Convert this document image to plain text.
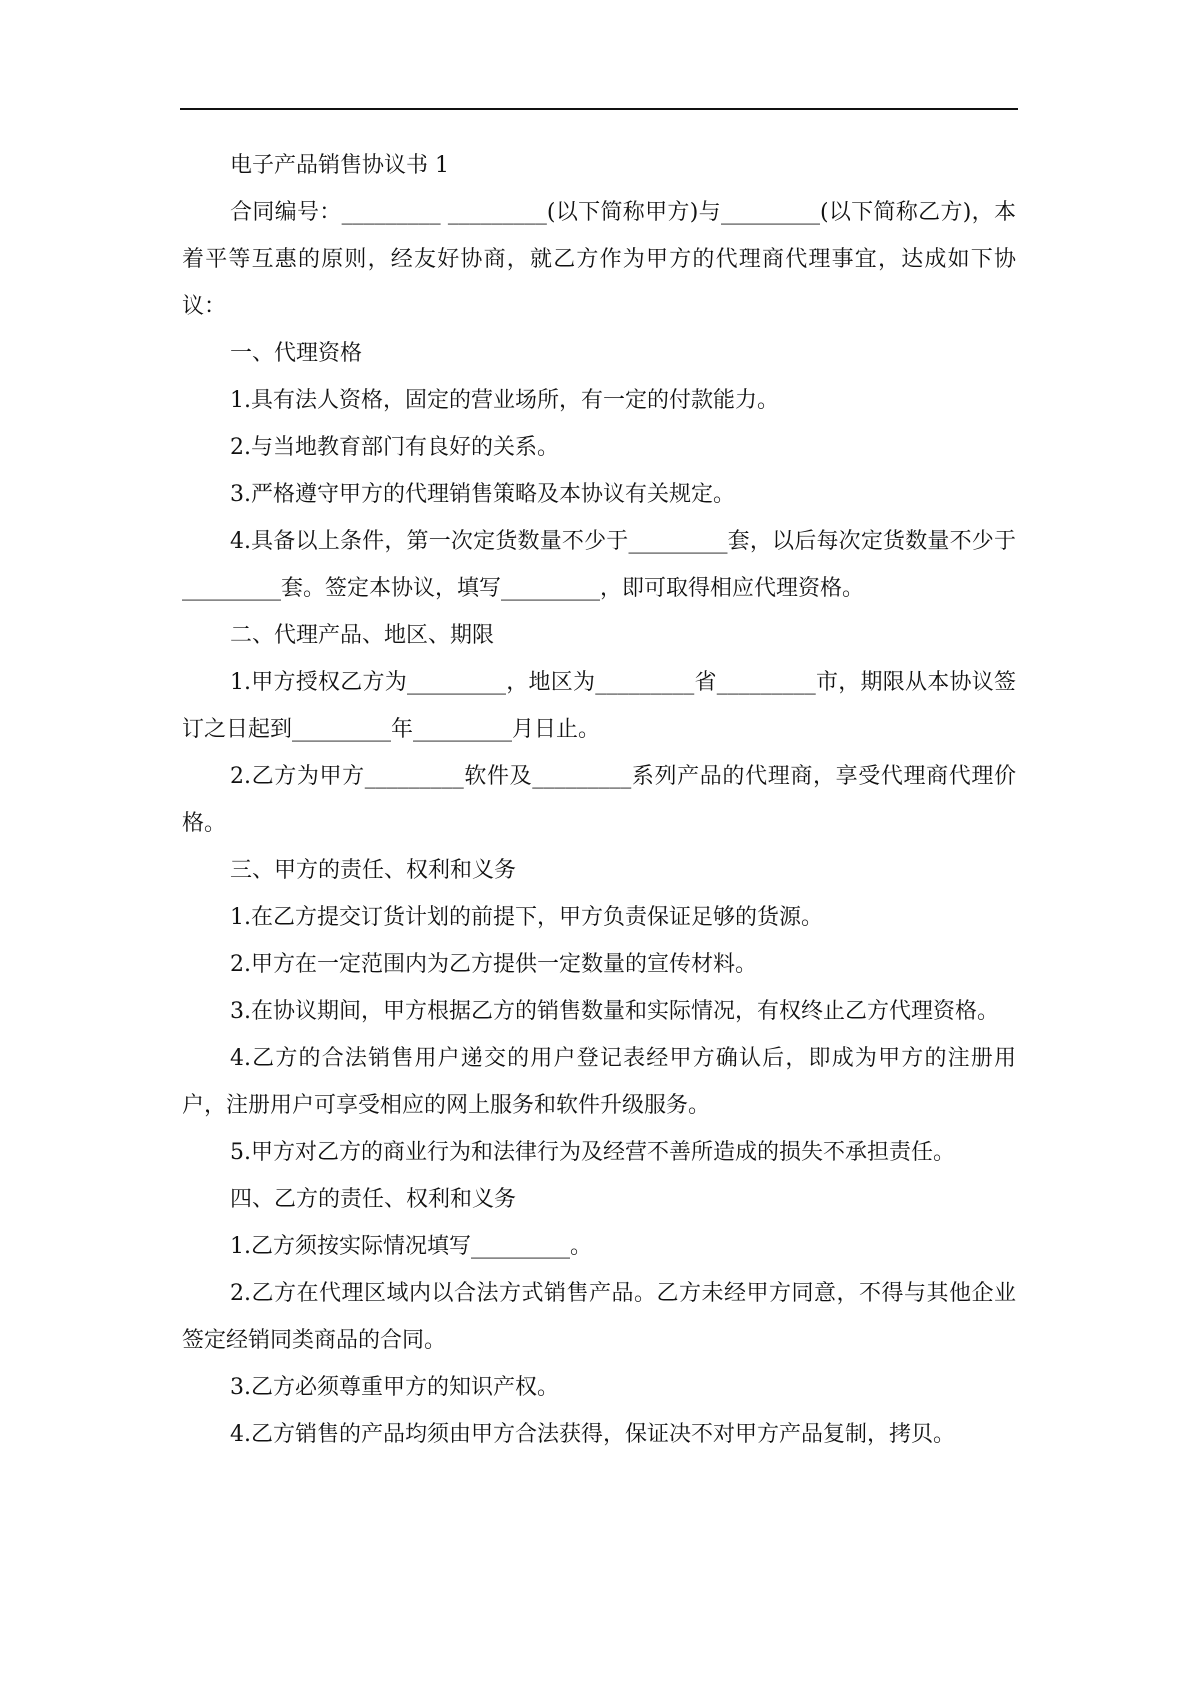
电子产品销售协议书 1

合同编号：_________ _________(以下简称甲方)与_________(以下简称乙方)，本着平等互惠的原则，经友好协商，就乙方作为甲方的代理商代理事宜，达成如下协议：

一、代理资格

1.具有法人资格，固定的营业场所，有一定的付款能力。

2.与当地教育部门有良好的关系。

3.严格遵守甲方的代理销售策略及本协议有关规定。

4.具备以上条件，第一次定货数量不少于_________套，以后每次定货数量不少于_________套。签定本协议，填写_________，即可取得相应代理资格。

二、代理产品、地区、期限

1.甲方授权乙方为_________，地区为_________省_________市，期限从本协议签订之日起到_________年_________月日止。

2.乙方为甲方_________软件及_________系列产品的代理商，享受代理商代理价格。

三、甲方的责任、权利和义务

1.在乙方提交订货计划的前提下，甲方负责保证足够的货源。

2.甲方在一定范围内为乙方提供一定数量的宣传材料。

3.在协议期间，甲方根据乙方的销售数量和实际情况，有权终止乙方代理资格。

4.乙方的合法销售用户递交的用户登记表经甲方确认后，即成为甲方的注册用户，注册用户可享受相应的网上服务和软件升级服务。

5.甲方对乙方的商业行为和法律行为及经营不善所造成的损失不承担责任。

四、乙方的责任、权利和义务

1.乙方须按实际情况填写_________。

2.乙方在代理区域内以合法方式销售产品。乙方未经甲方同意，不得与其他企业签定经销同类商品的合同。

3.乙方必须尊重甲方的知识产权。

4.乙方销售的产品均须由甲方合法获得，保证决不对甲方产品复制，拷贝。
